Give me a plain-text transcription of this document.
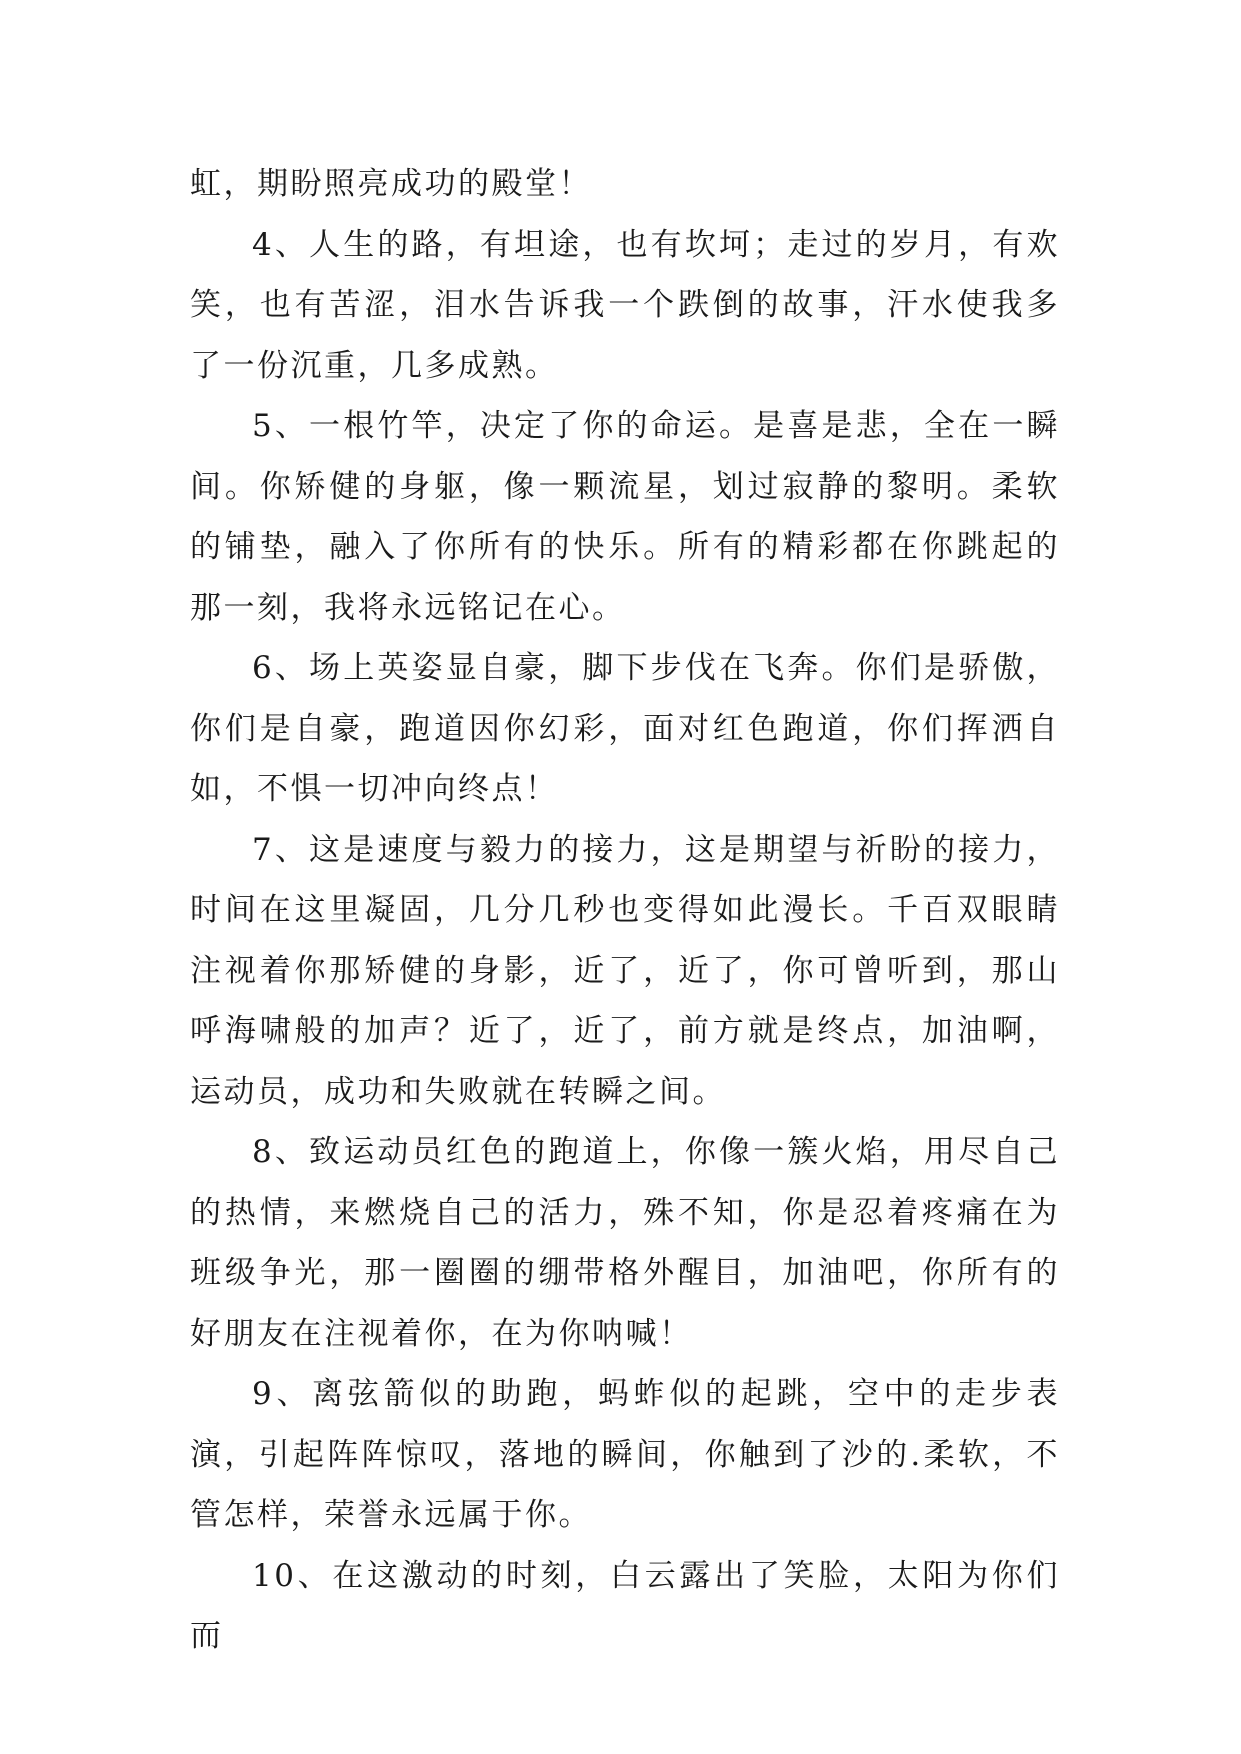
虹，期盼照亮成功的殿堂！

4、人生的路，有坦途，也有坎坷；走过的岁月，有欢笑，也有苦涩，泪水告诉我一个跌倒的故事，汗水使我多了一份沉重，几多成熟。

5、一根竹竿，决定了你的命运。是喜是悲，全在一瞬间。你矫健的身躯，像一颗流星，划过寂静的黎明。柔软的铺垫，融入了你所有的快乐。所有的精彩都在你跳起的那一刻，我将永远铭记在心。

6、场上英姿显自豪，脚下步伐在飞奔。你们是骄傲，你们是自豪，跑道因你幻彩，面对红色跑道，你们挥洒自如，不惧一切冲向终点！

7、这是速度与毅力的接力，这是期望与祈盼的接力，时间在这里凝固，几分几秒也变得如此漫长。千百双眼睛注视着你那矫健的身影，近了，近了，你可曾听到，那山呼海啸般的加声？近了，近了，前方就是终点，加油啊，运动员，成功和失败就在转瞬之间。

8、致运动员红色的跑道上，你像一簇火焰，用尽自己的热情，来燃烧自己的活力，殊不知，你是忍着疼痛在为班级争光，那一圈圈的绷带格外醒目，加油吧，你所有的好朋友在注视着你，在为你呐喊！

9、离弦箭似的助跑，蚂蚱似的起跳，空中的走步表演，引起阵阵惊叹，落地的瞬间，你触到了沙的.柔软，不管怎样，荣誉永远属于你。

10、在这激动的时刻，白云露出了笑脸，太阳为你们而
